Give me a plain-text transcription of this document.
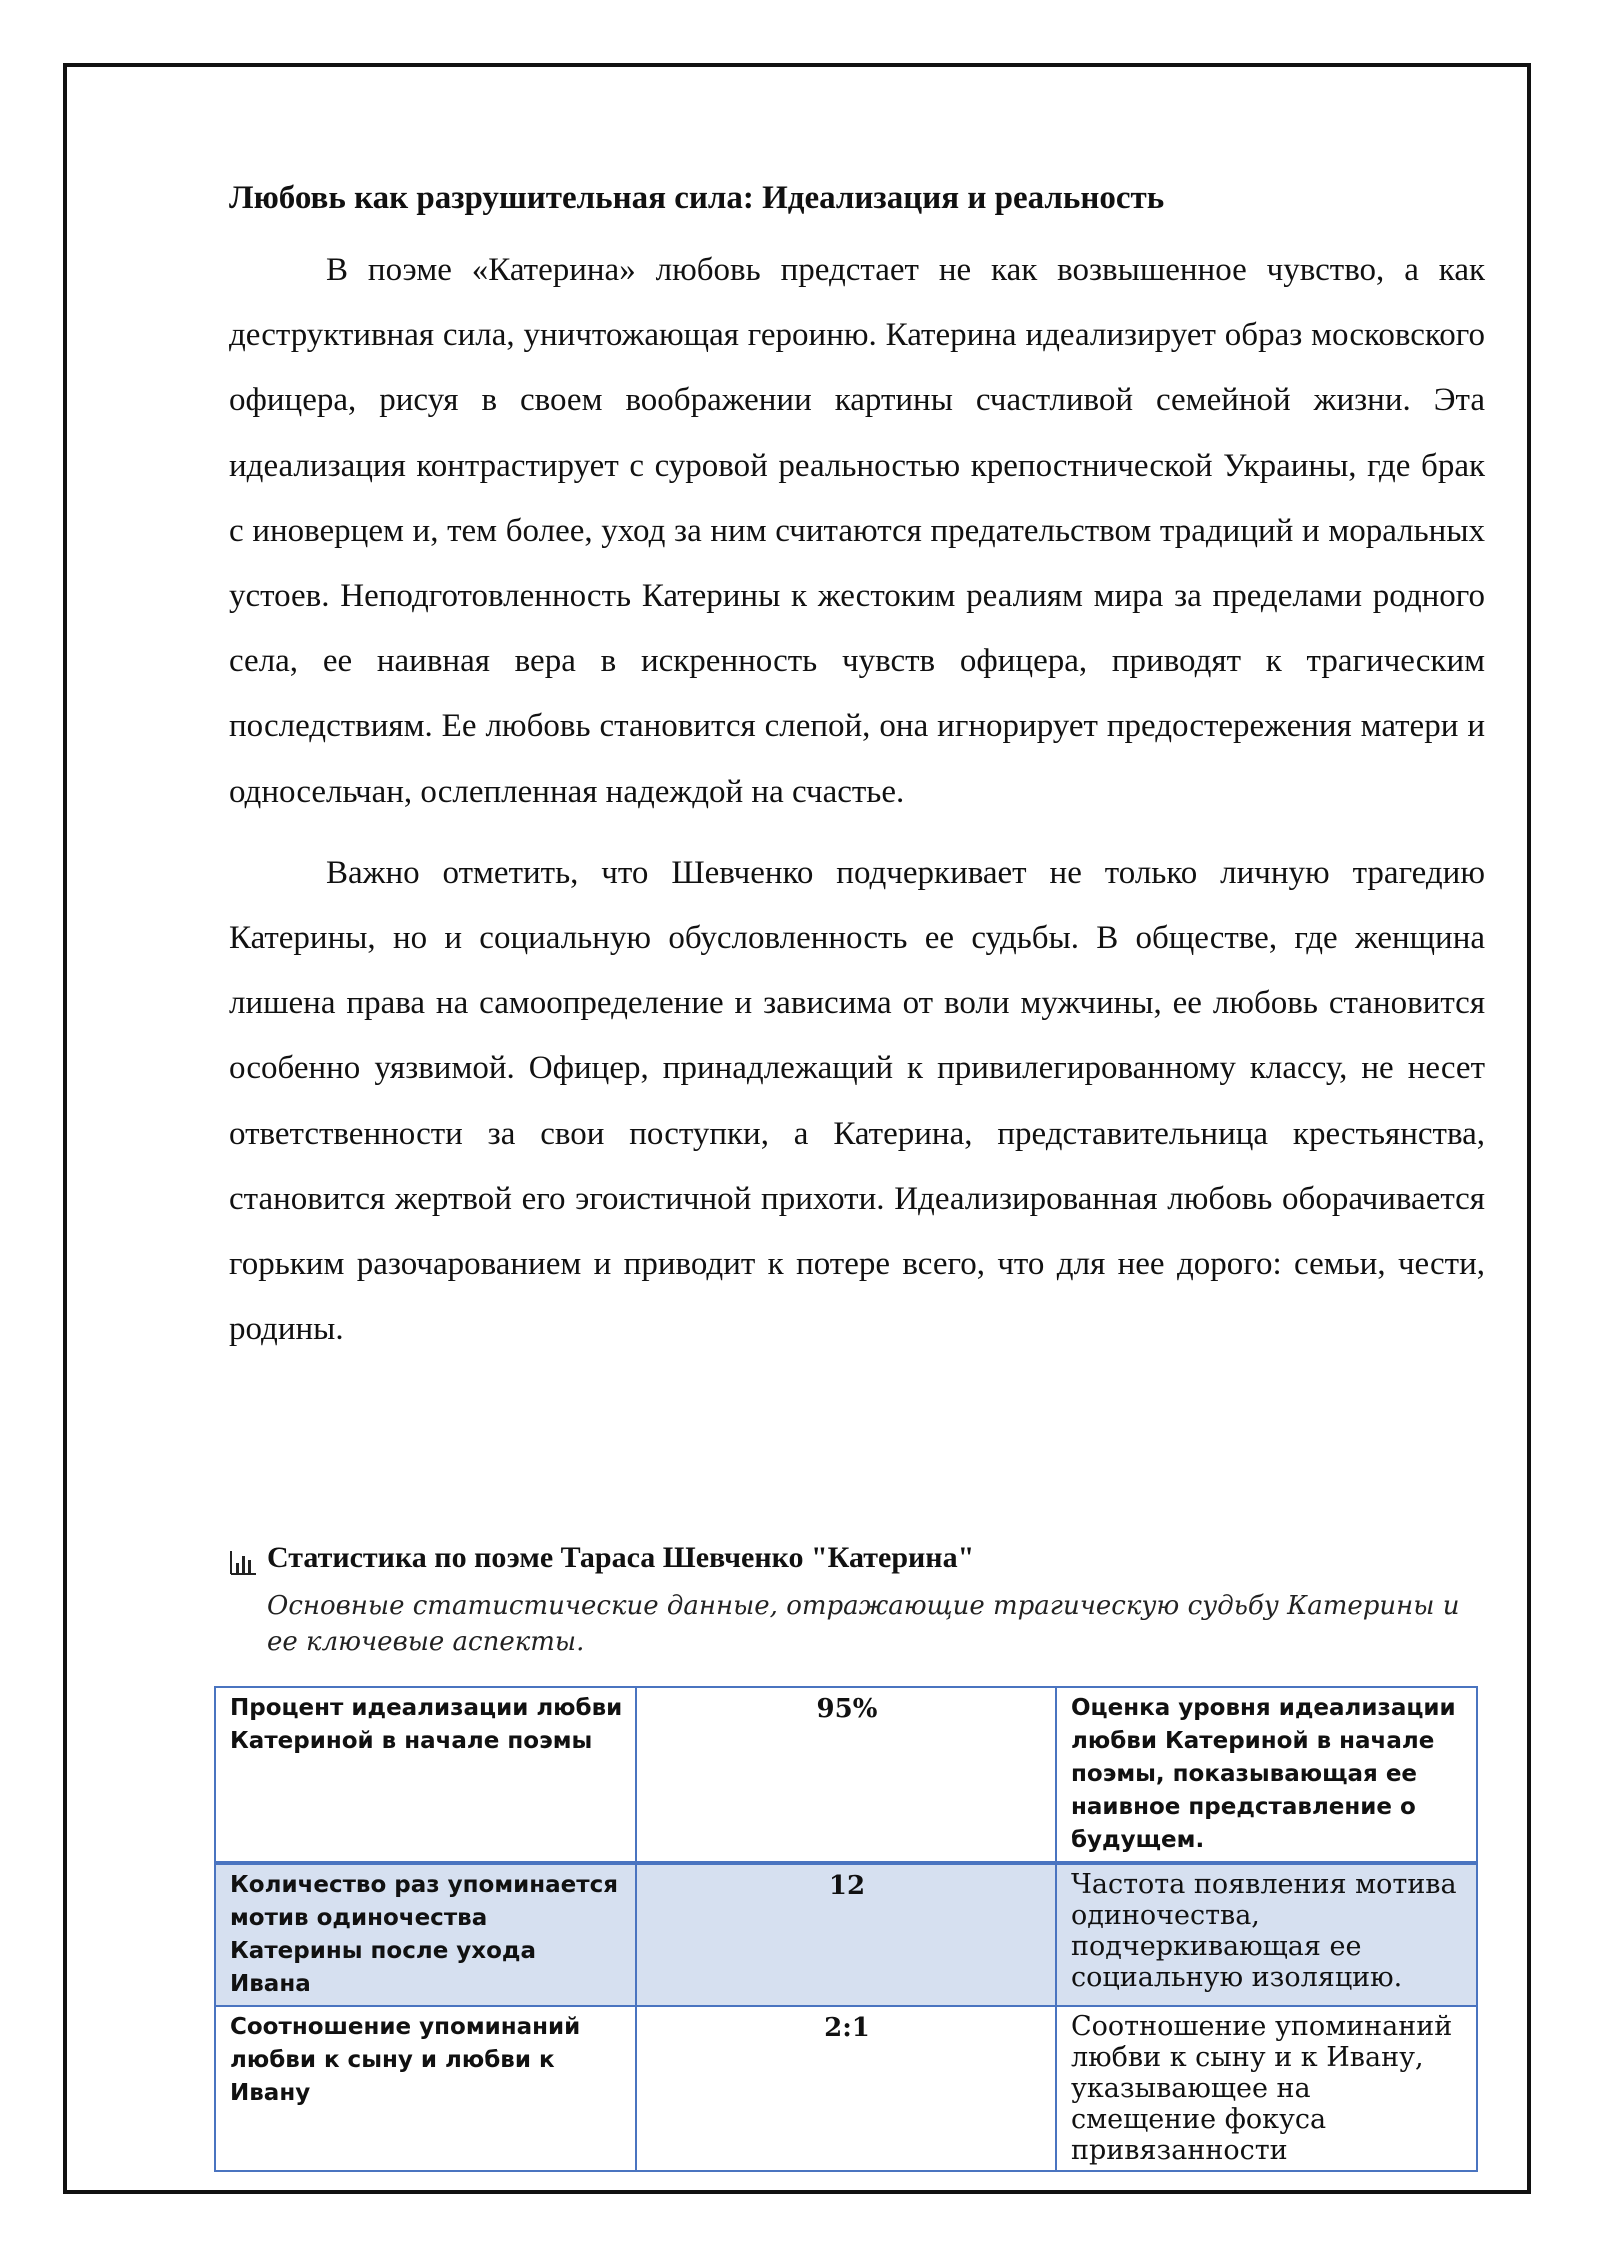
Любовь как разрушительная сила: Идеализация и реальность

В поэме «Катерина» любовь предстает не как возвышенное чувство, а как деструктивная сила, уничтожающая героиню. Катерина идеализирует образ московского офицера, рисуя в своем воображении картины счастливой семейной жизни. Эта идеализация контрастирует с суровой реальностью крепостнической Украины, где брак с иноверцем и, тем более, уход за ним считаются предательством традиций и моральных устоев. Неподготовленность Катерины к жестоким реалиям мира за пределами родного села, ее наивная вера в искренность чувств офицера, приводят к трагическим последствиям. Ее любовь становится слепой, она игнорирует предостережения матери и односельчан, ослепленная надеждой на счастье.

Важно отметить, что Шевченко подчеркивает не только личную трагедию Катерины, но и социальную обусловленность ее судьбы. В обществе, где женщина лишена права на самоопределение и зависима от воли мужчины, ее любовь становится особенно уязвимой. Офицер, принадлежащий к привилегированному классу, не несет ответственности за свои поступки, а Катерина, представительница крестьянства, становится жертвой его эгоистичной прихоти. Идеализированная любовь оборачивается горьким разочарованием и приводит к потере всего, что для нее дорого: семьи, чести, родины.

Статистика по поэме Тараса Шевченко "Катерина"
Основные статистические данные, отражающие трагическую судьбу Катерины и ее ключевые аспекты.
Процент идеализации любви Катериной в начале поэмы	95%	Оценка уровня идеализации любви Катериной в начале поэмы, показывающая ее наивное представление о будущем.

Количество раз упоминается мотив одиночества Катерины после ухода Ивана	12	Частота появления мотива одиночества, подчеркивающая ее социальную изоляцию.

Соотношение упоминаний любви к сыну и любви к Ивану	2:1	Соотношение упоминаний любви к сыну и к Ивану, указывающее на смещение фокуса привязанности
